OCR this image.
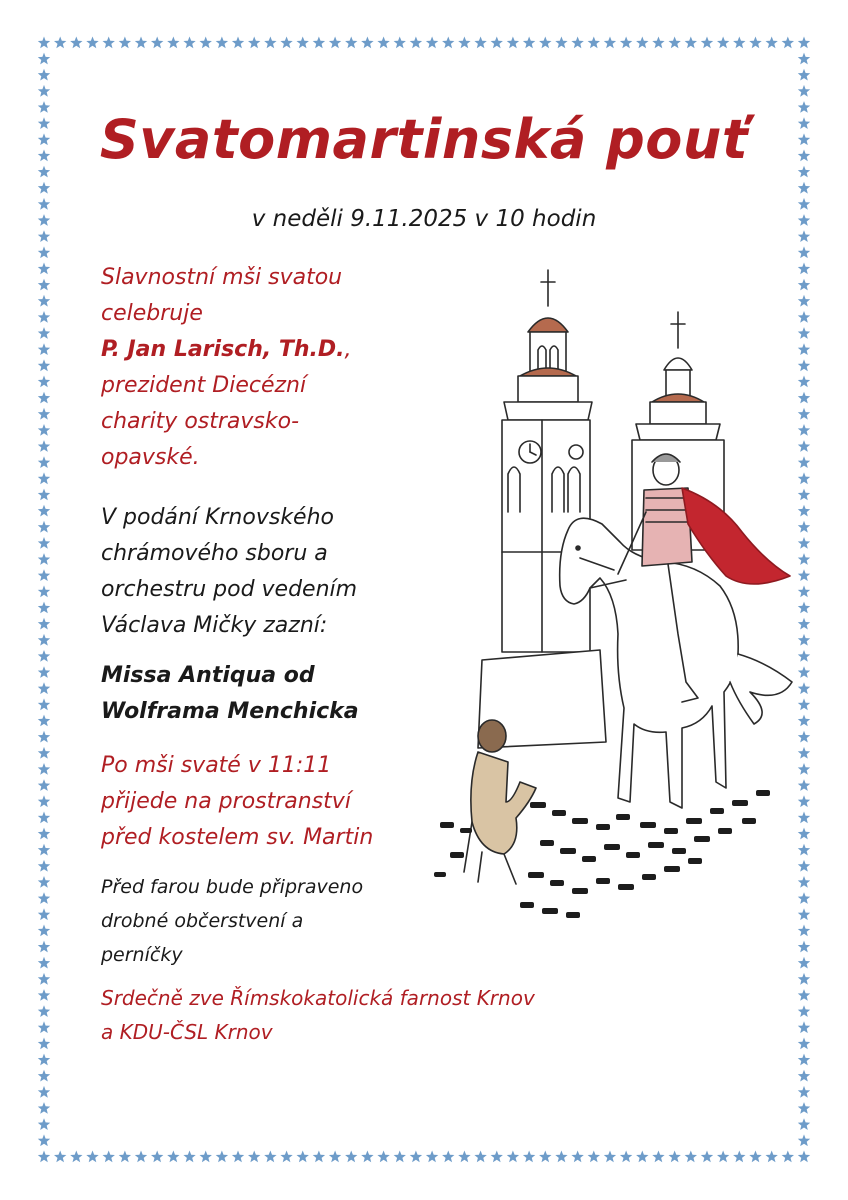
Svatomartinská pouť
v neděli 9.11.2025 v 10 hodin
Slavnostní mši svatou
celebruje
P. Jan Larisch, Th.D.,
prezident Diecézní
charity ostravsko-
opavské.
V podání Krnovského
chrámového sboru a
orchestru pod vedením
Václava Mičky zazní:
Missa Antiqua od
Wolframa Menchicka
Po mši svaté v 11:11
přijede na prostranství
před kostelem sv. Martin
Před farou bude připraveno
drobné občerstvení a
perníčky
Srdečně zve Římskokatolická farnost Krnov
a KDU-ČSL Krnov
